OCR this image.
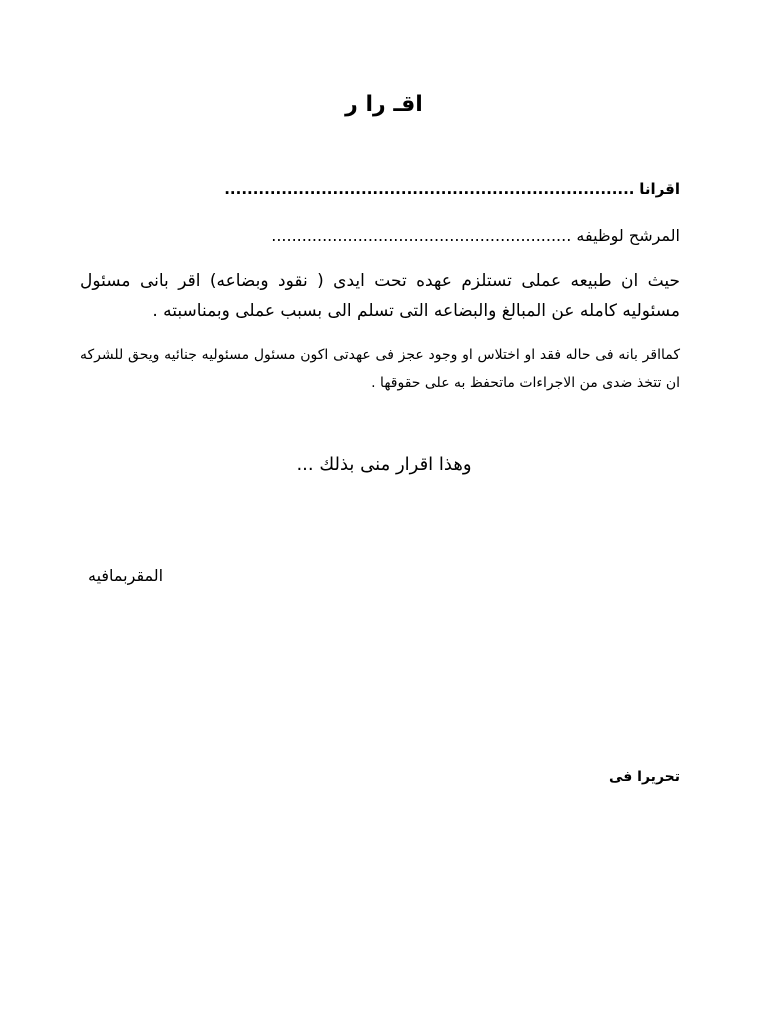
اقـ را ر
اقرانا ........................................................................
المرشح لوظيفه ...........................................................
حيث ان طبيعه عملى تستلزم عهده تحت ايدى ( نقود وبضاعه) اقر بانى مسئول مسئوليه كامله عن المبالغ والبضاعه التى تسلم الى بسبب عملى وبمناسبته .
كمااقر بانه فى حاله فقد او اختلاس او وجود عجز فى عهدتى اكون مسئول مسئوليه جنائيه ويحق للشركه ان تتخذ ضدى من الاجراءات ماتحفظ به على حقوقها .
وهذا اقرار منى بذلك ...
المقربمافيه
تحريرا فى
